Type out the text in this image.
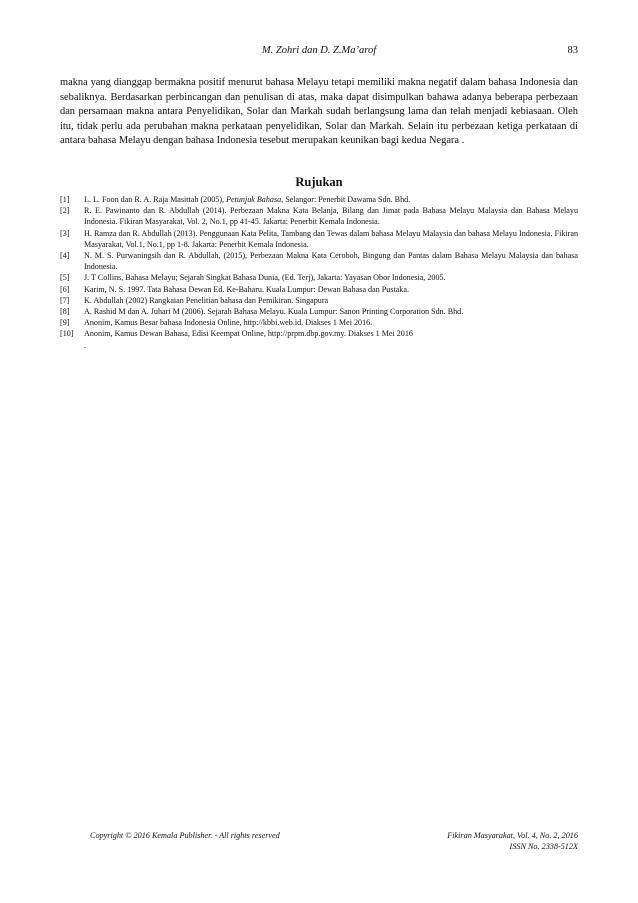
M. Zohri dan D. Z.Ma’arof	83

makna yang dianggap bermakna positif menurut bahasa Melayu tetapi memiliki makna negatif dalam bahasa Indonesia dan sebaliknya. Berdasarkan perbincangan dan penulisan di atas, maka dapat disimpulkan bahawa adanya beberapa perbezaan dan persamaan makna antara Penyelidikan, Solar dan Markah sudah berlangsung lama dan telah menjadi kebiasaan. Oleh itu, tidak perlu ada perubahan makna perkataan penyelidikan, Solar dan Markah. Selain itu perbezaan ketiga perkataan di antara bahasa Melayu dengan bahasa Indonesia tesebut merupakan keunikan bagi kedua Negara .

Rujukan
[1] L. L. Foon dan R. A. Raja Masittah (2005), Petunjuk Bahasa, Selangor: Penerbit Dawama Sdn. Bhd.
[2] R. E. Pawinanto dan R. Abdullah (2014). Perbezaan Makna Kata Belanja, Bilang dan Jimat pada Bahasa Melayu Malaysia dan Bahasa Melayu Indonesia. Fikiran Masyarakat, Vol. 2, No.1, pp 41-45. Jakarta: Penerbit Kemala Indonesia.
[3] H. Ramza dan R. Abdullah (2013). Penggunaan Kata Pelita, Tambang dan Tewas dalam bahasa Melayu Malaysia dan bahasa Melayu Indonesia. Fikiran Masyarakat, Vol.1, No.1, pp 1-8. Jakarta: Penerbit Kemala Indonesia.
[4] N. M. S. Purwaningsih dan R. Abdullah, (2015), Perbezaan Makna Kata Ceroboh, Bingung dan Pantas dalam Bahasa Melayu Malaysia dan bahasa Indonesia.
[5] J. T Collins, Bahasa Melayu; Sejarah Singkat Bahasa Dunia, (Ed. Terj), Jakarta: Yayasan Obor Indonesia, 2005.
[6] Karim, N. S. 1997. Tata Bahasa Dewan Ed. Ke-Baharu. Kuala Lumpur: Dewan Bahasa dan Pustaka.
[7] K. Abdullah (2002) Rangkaian Penelitian bahasa dan Pemikiran. Singapura
[8] A. Rashid M dan A. Juhari M (2006). Sejarah Bahasa Melayu. Kuala Lumpur: Sanon Printing Corporation Sdn. Bhd.
[9] Anonim, Kamus Besar bahasa Indonesia Online, http://kbbi.web.id. Diakses 1 Mei 2016.
[10] Anonim, Kamus Dewan Bahasa, Edisi Keempat Online, http://prpm.dbp.gov.my. Diakses 1 Mei 2016
.
Copyright © 2016 Kemala Publisher. - All rights reserved	Fikiran Masyarakat, Vol. 4, No. 2, 2016
ISSN No. 2338-512X
